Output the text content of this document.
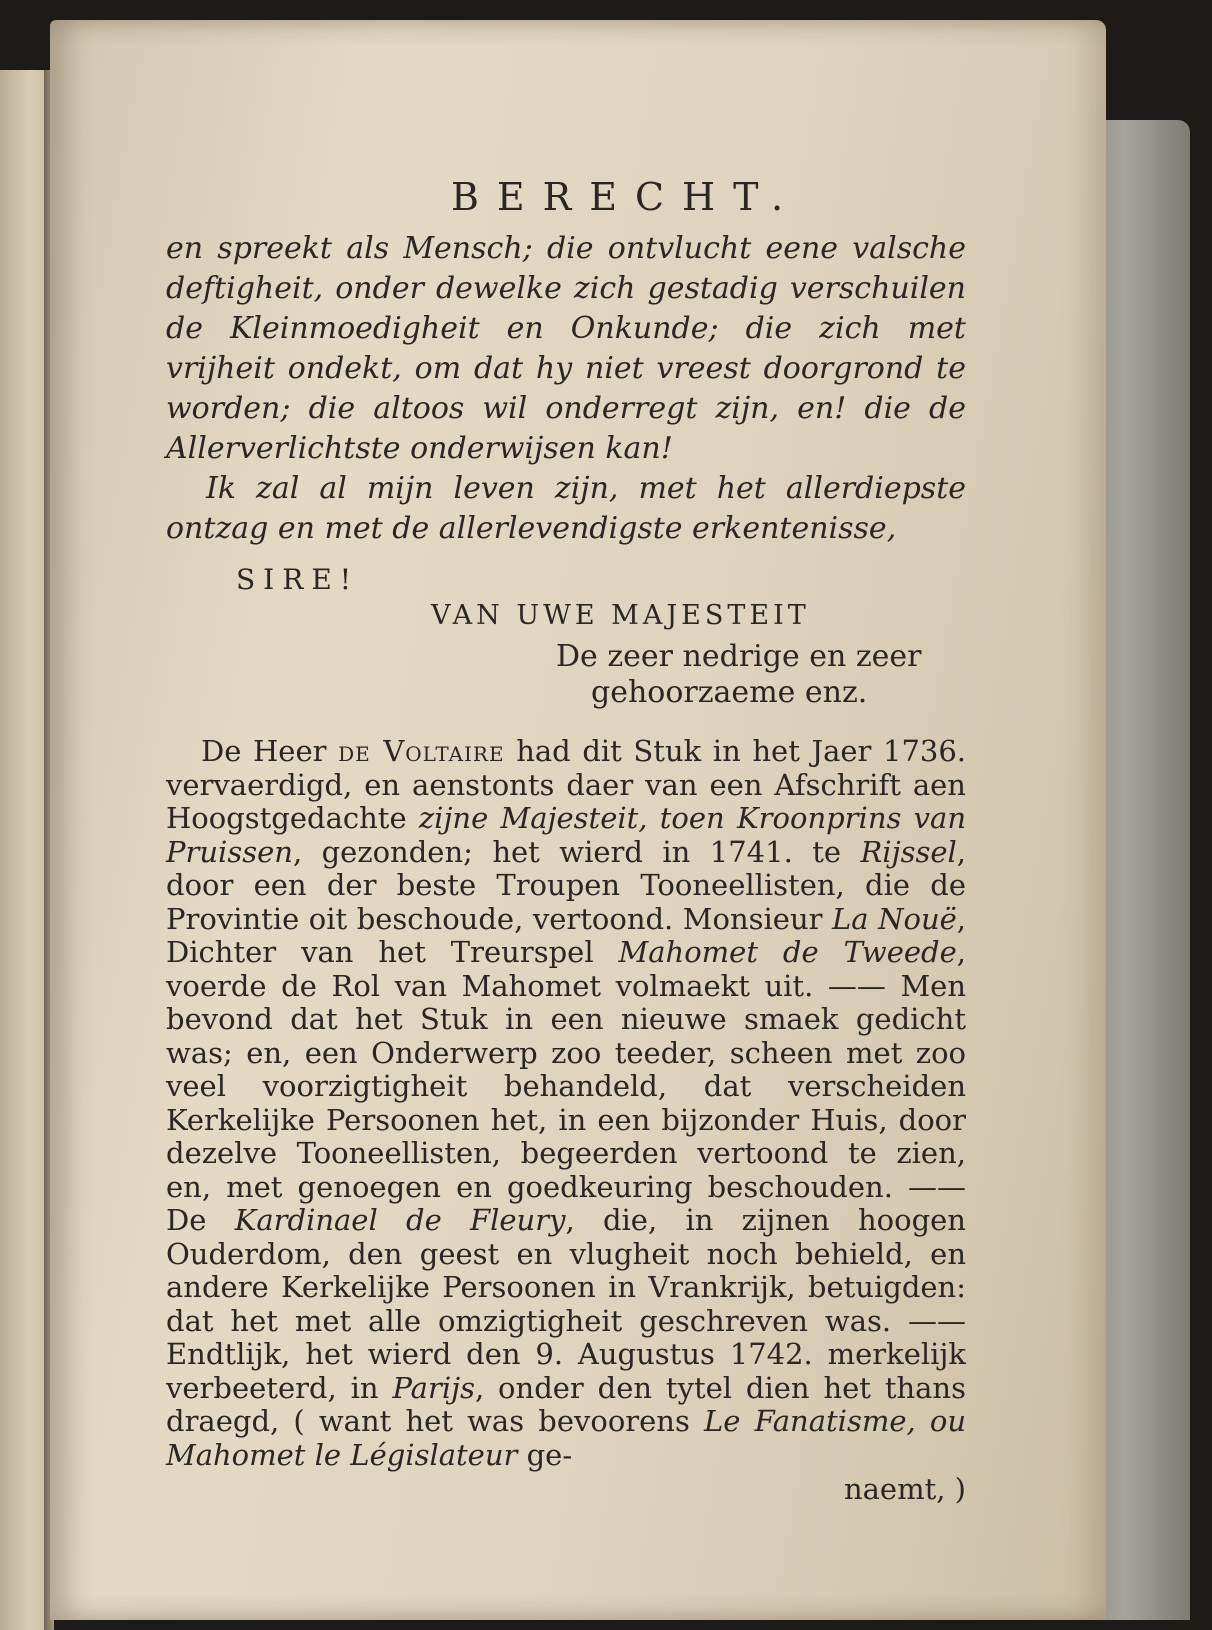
BERECHT.

en spreekt als Mensch; die ontvlucht eene valsche deftigheit, onder dewelke zich gestadig verschuilen de Kleinmoedigheit en Onkunde; die zich met vrijheit ondekt, om dat hy niet vreest doorgrond te worden; die altoos wil onderregt zijn, en! die de Allerverlichtste onderwijsen kan!

Ik zal al mijn leven zijn, met het allerdiepste ontzag en met de allerlevendigste erkentenisse,

SIRE!
VAN UWE MAJESTEIT
De zeer nedrige en zeer
gehoorzaeme enz.

De Heer de Voltaire had dit Stuk in het Jaer 1736. vervaerdigd, en aenstonts daer van een Afschrift aen Hoogstgedachte zijne Majesteit, toen Kroonprins van Pruissen, gezonden; het wierd in 1741. te Rijssel, door een der beste Troupen Tooneellisten, die de Provintie oit beschoude, vertoond. Monsieur La Nouë, Dichter van het Treurspel Mahomet de Tweede, voerde de Rol van Mahomet volmaekt uit. —— Men bevond dat het Stuk in een nieuwe smaek gedicht was; en, een Onderwerp zoo teeder, scheen met zoo veel voorzigtigheit behandeld, dat verscheiden Kerkelijke Persoonen het, in een bijzonder Huis, door dezelve Tooneellisten, begeerden vertoond te zien, en, met genoegen en goedkeuring beschouden. —— De Kardinael de Fleury, die, in zijnen hoogen Ouderdom, den geest en vlugheit noch behield, en andere Kerkelijke Persoonen in Vrankrijk, betuigden: dat het met alle omzigtigheit geschreven was. —— Endtlijk, het wierd den 9. Augustus 1742. merkelijk verbeeterd, in Parijs, onder den tytel dien het thans draegd, ( want het was bevoorens Le Fanatisme, ou Mahomet le Législateur ge-

naemt, )
